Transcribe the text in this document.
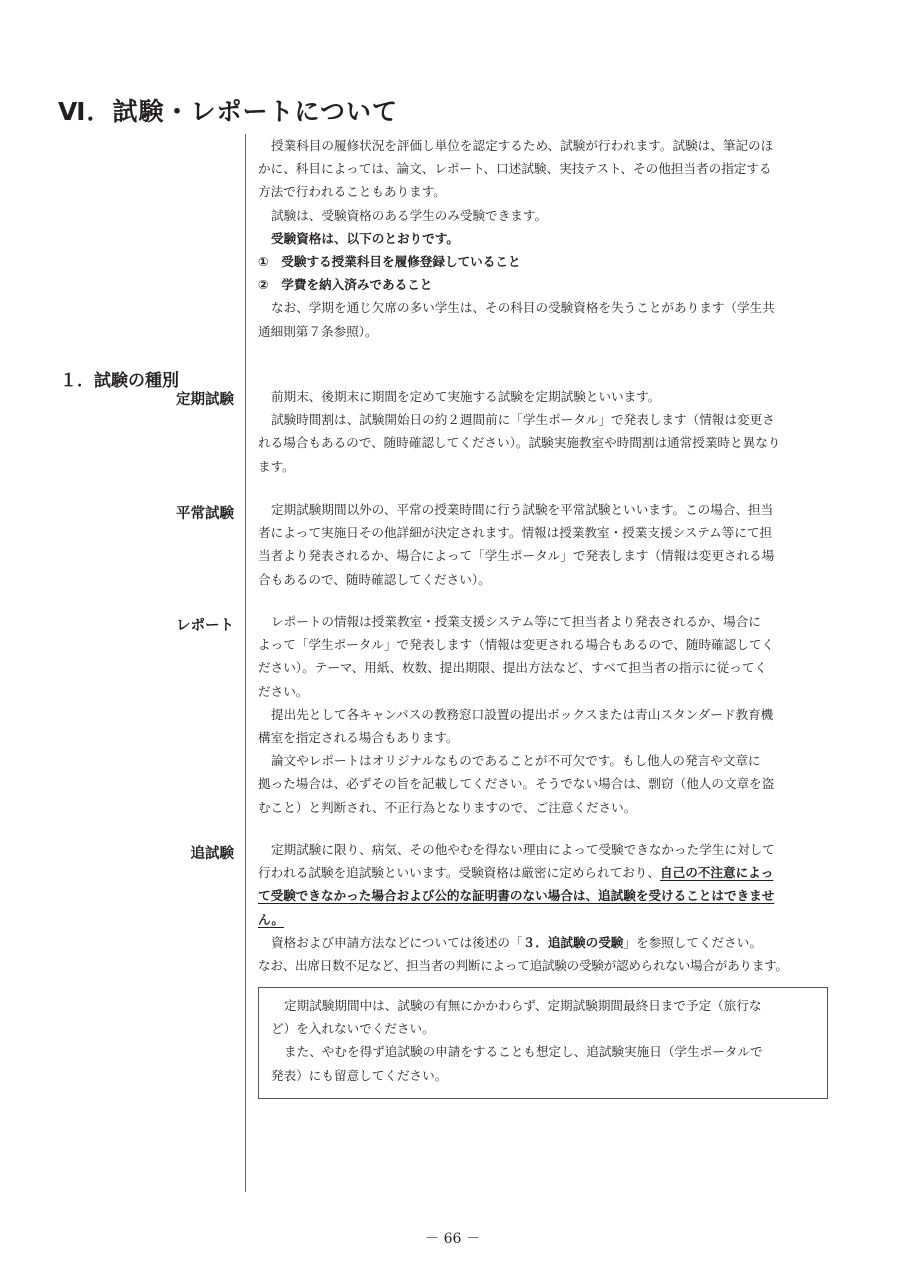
Ⅵ．試験・レポートについて
授業科目の履修状況を評価し単位を認定するため、試験が行われます。試験は、筆記のほ
かに、科目によっては、論文、レポート、口述試験、実技テスト、その他担当者の指定する
方法で行われることもあります。
試験は、受験資格のある学生のみ受験できます。
受験資格は、以下のとおりです。
①　受験する授業科目を履修登録していること
②　学費を納入済みであること
なお、学期を通じ欠席の多い学生は、その科目の受験資格を失うことがあります（学生共
通細則第７条参照）。
１．試験の種別
定期試験	前期末、後期末に期間を定めて実施する試験を定期試験といいます。
試験時間割は、試験開始日の約２週間前に「学生ポータル」で発表します（情報は変更さ
れる場合もあるので、随時確認してください）。試験実施教室や時間割は通常授業時と異なり
ます。
平常試験	定期試験期間以外の、平常の授業時間に行う試験を平常試験といいます。この場合、担当
者によって実施日その他詳細が決定されます。情報は授業教室・授業支援システム等にて担
当者より発表されるか、場合によって「学生ポータル」で発表します（情報は変更される場
合もあるので、随時確認してください）。
レポート	レポートの情報は授業教室・授業支援システム等にて担当者より発表されるか、場合に
よって「学生ポータル」で発表します（情報は変更される場合もあるので、随時確認してく
ださい）。テーマ、用紙、枚数、提出期限、提出方法など、すべて担当者の指示に従ってく
ださい。
提出先として各キャンパスの教務窓口設置の提出ボックスまたは青山スタンダード教育機
構室を指定される場合もあります。
論文やレポートはオリジナルなものであることが不可欠です。もし他人の発言や文章に
拠った場合は、必ずその旨を記載してください。そうでない場合は、剽窃（他人の文章を盗
むこと）と判断され、不正行為となりますので、ご注意ください。
追試験	定期試験に限り、病気、その他やむを得ない理由によって受験できなかった学生に対して
行われる試験を追試験といいます。受験資格は厳密に定められており、自己の不注意によっ
て受験できなかった場合および公的な証明書のない場合は、追試験を受けることはできませ
ん。
資格および申請方法などについては後述の「３．追試験の受験」を参照してください。
なお、出席日数不足など、担当者の判断によって追試験の受験が認められない場合があります。
定期試験期間中は、試験の有無にかかわらず、定期試験期間最終日まで予定（旅行な
ど）を入れないでください。
また、やむを得ず追試験の申請をすることも想定し、追試験実施日（学生ポータルで
発表）にも留意してください。
－ 66 －
